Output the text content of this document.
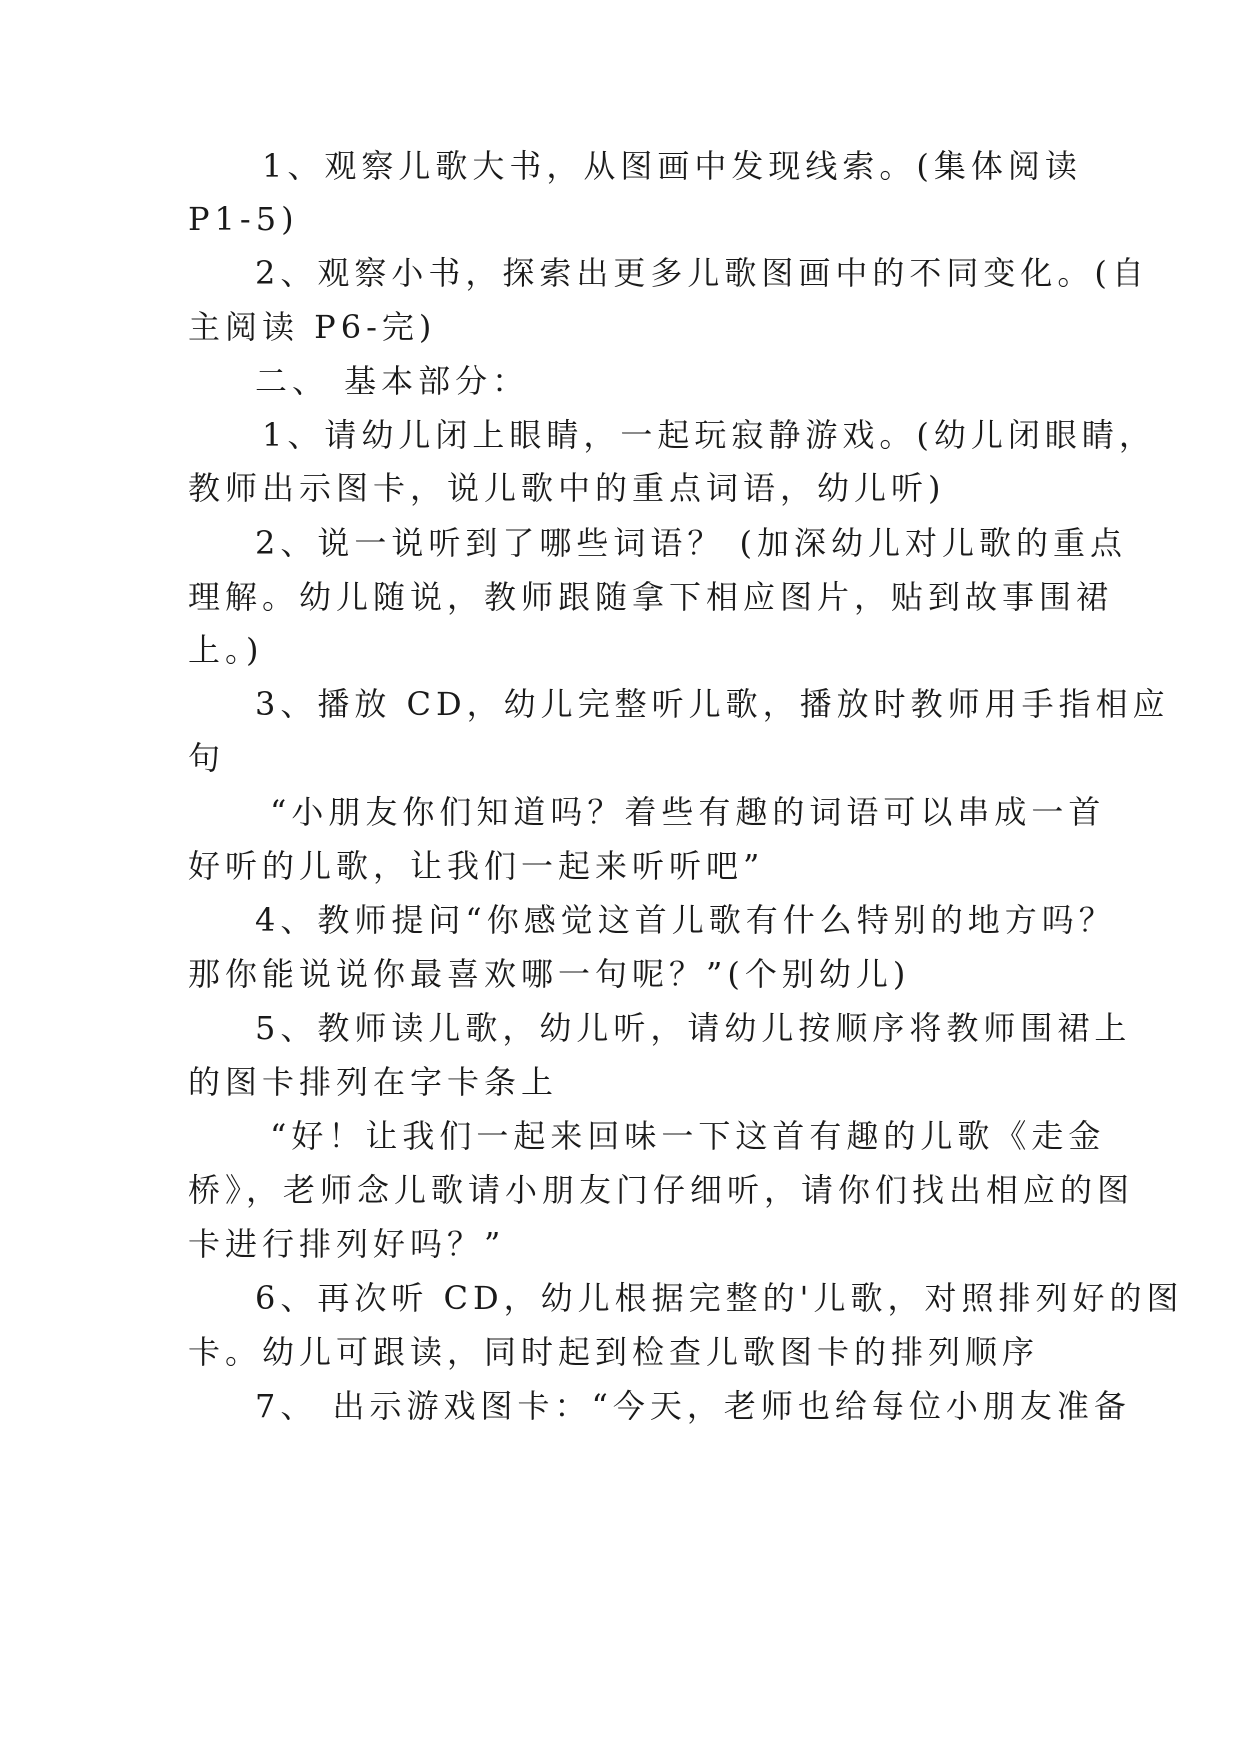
1、观察儿歌大书，从图画中发现线索。(集体阅读
P1-5)
2、观察小书，探索出更多儿歌图画中的不同变化。(自
主阅读 P6-完)
二、 基本部分：
1、请幼儿闭上眼睛，一起玩寂静游戏。(幼儿闭眼睛，
教师出示图卡，说儿歌中的重点词语，幼儿听)
2、说一说听到了哪些词语？ (加深幼儿对儿歌的重点
理解。幼儿随说，教师跟随拿下相应图片，贴到故事围裙
上。)
3、播放 CD，幼儿完整听儿歌，播放时教师用手指相应
句
“小朋友你们知道吗？着些有趣的词语可以串成一首
好听的儿歌，让我们一起来听听吧”
4、教师提问“你感觉这首儿歌有什么特别的地方吗？
那你能说说你最喜欢哪一句呢？”(个别幼儿)
5、教师读儿歌，幼儿听，请幼儿按顺序将教师围裙上
的图卡排列在字卡条上
“好！让我们一起来回味一下这首有趣的儿歌《走金
桥》，老师念儿歌请小朋友门仔细听，请你们找出相应的图
卡进行排列好吗？”
6、再次听 CD，幼儿根据完整的'儿歌，对照排列好的图
卡。幼儿可跟读，同时起到检查儿歌图卡的排列顺序
7、 出示游戏图卡：“今天，老师也给每位小朋友准备
